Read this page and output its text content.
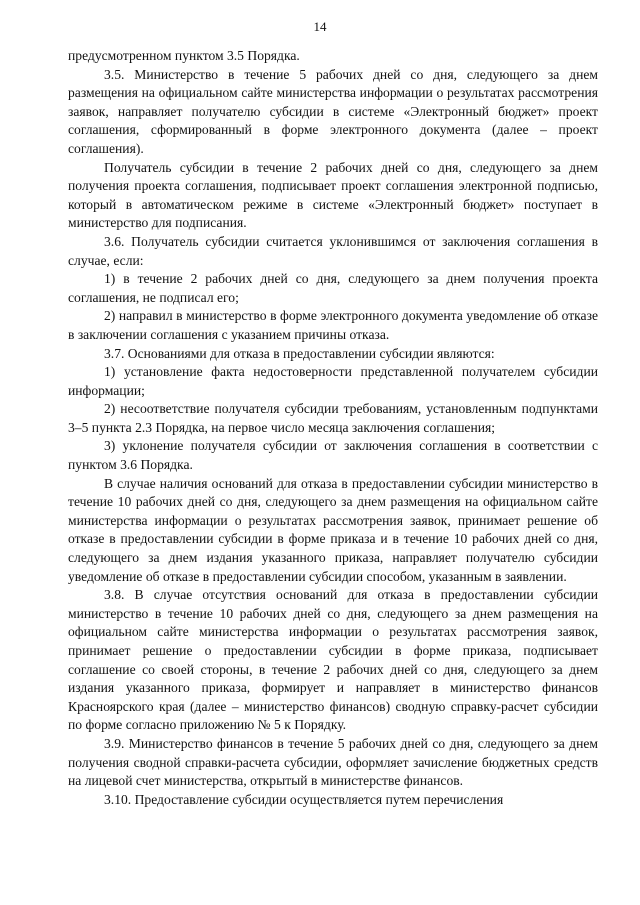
14

предусмотренном пунктом 3.5 Порядка.

3.5. Министерство в течение 5 рабочих дней со дня, следующего за днем размещения на официальном сайте министерства информации о результатах рассмотрения заявок, направляет получателю субсидии в системе «Электронный бюджет» проект соглашения, сформированный в форме электронного документа (далее – проект соглашения).

Получатель субсидии в течение 2 рабочих дней со дня, следующего за днем получения проекта соглашения, подписывает проект соглашения электронной подписью, который в автоматическом режиме в системе «Электронный бюджет» поступает в министерство для подписания.

3.6. Получатель субсидии считается уклонившимся от заключения соглашения в случае, если:

1) в течение 2 рабочих дней со дня, следующего за днем получения проекта соглашения, не подписал его;

2) направил в министерство в форме электронного документа уведомление об отказе в заключении соглашения с указанием причины отказа.

3.7. Основаниями для отказа в предоставлении субсидии являются:

1) установление факта недостоверности представленной получателем субсидии информации;

2) несоответствие получателя субсидии требованиям, установленным подпунктами 3–5 пункта 2.3 Порядка, на первое число месяца заключения соглашения;

3) уклонение получателя субсидии от заключения соглашения в соответствии с пунктом 3.6 Порядка.

В случае наличия оснований для отказа в предоставлении субсидии министерство в течение 10 рабочих дней со дня, следующего за днем размещения на официальном сайте министерства информации о результатах рассмотрения заявок, принимает решение об отказе в предоставлении субсидии в форме приказа и в течение 10 рабочих дней со дня, следующего за днем издания указанного приказа, направляет получателю субсидии уведомление об отказе в предоставлении субсидии способом, указанным в заявлении.

3.8. В случае отсутствия оснований для отказа в предоставлении субсидии министерство в течение 10 рабочих дней со дня, следующего за днем размещения на официальном сайте министерства информации о результатах рассмотрения заявок, принимает решение о предоставлении субсидии в форме приказа, подписывает соглашение со своей стороны, в течение 2 рабочих дней со дня, следующего за днем издания указанного приказа, формирует и направляет в министерство финансов Красноярского края (далее – министерство финансов) сводную справку-расчет субсидии по форме согласно приложению № 5 к Порядку.

3.9. Министерство финансов в течение 5 рабочих дней со дня, следующего за днем получения сводной справки-расчета субсидии, оформляет зачисление бюджетных средств на лицевой счет министерства, открытый в министерстве финансов.

3.10. Предоставление субсидии осуществляется путем перечисления
